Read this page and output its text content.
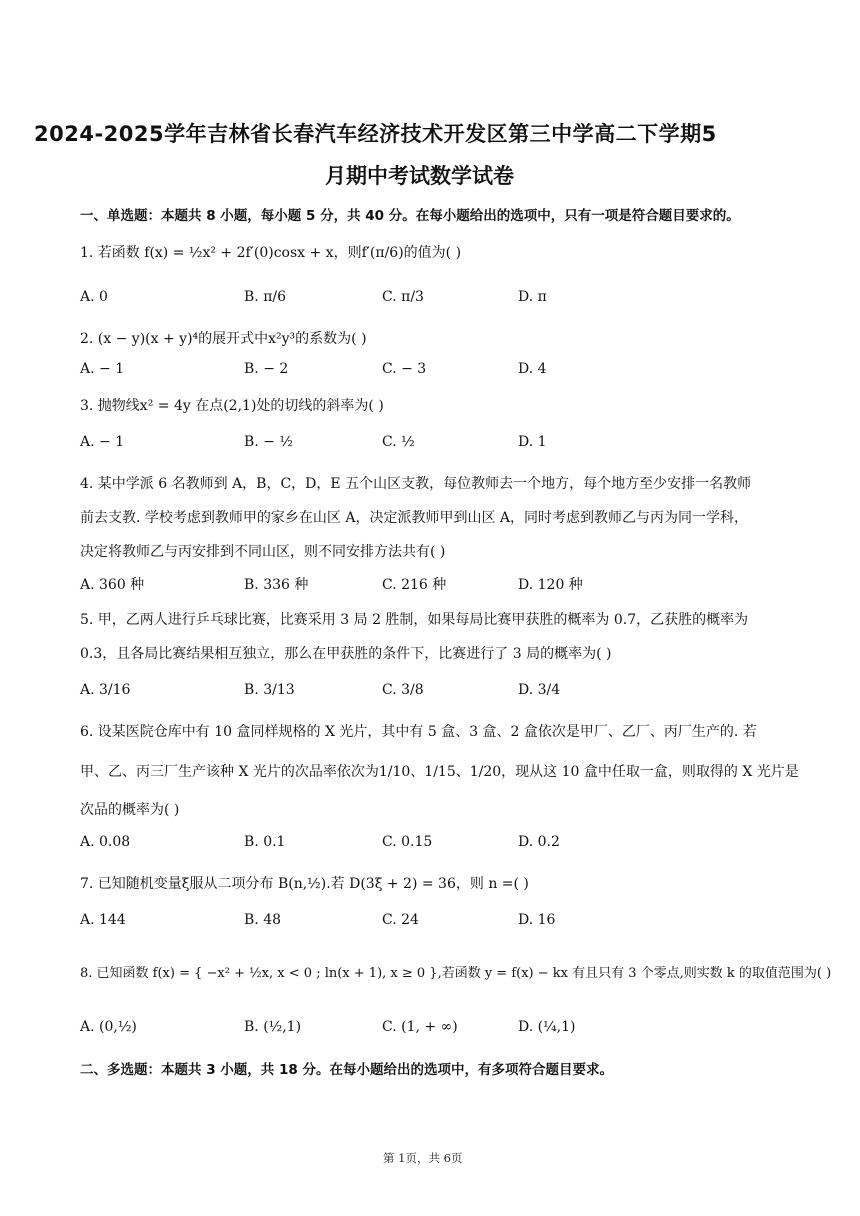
2024-2025学年吉林省长春汽车经济技术开发区第三中学高二下学期5
月期中考试数学试卷
一、单选题：本题共 8 小题，每小题 5 分，共 40 分。在每小题给出的选项中，只有一项是符合题目要求的。
1. 若函数 f(x) = ½x² + 2f′(0)cosx + x，则f′(π/6)的值为( )
A. 0	B. π/6	C. π/3	D. π
2. (x − y)(x + y)⁴的展开式中x²y³的系数为( )
A. − 1	B. − 2	C. − 3	D. 4
3. 抛物线x² = 4y 在点(2,1)处的切线的斜率为( )
A. − 1	B. − ½	C. ½	D. 1
4. 某中学派 6 名教师到 A，B，C，D，E 五个山区支教，每位教师去一个地方，每个地方至少安排一名教师
前去支教. 学校考虑到教师甲的家乡在山区 A，决定派教师甲到山区 A，同时考虑到教师乙与丙为同一学科，
决定将教师乙与丙安排到不同山区，则不同安排方法共有( )
A. 360 种	B. 336 种	C. 216 种	D. 120 种
5. 甲，乙两人进行乒乓球比赛，比赛采用 3 局 2 胜制，如果每局比赛甲获胜的概率为 0.7，乙获胜的概率为
0.3，且各局比赛结果相互独立，那么在甲获胜的条件下，比赛进行了 3 局的概率为( )
A. 3/16	B. 3/13	C. 3/8	D. 3/4
6. 设某医院仓库中有 10 盒同样规格的 X 光片，其中有 5 盒、3 盒、2 盒依次是甲厂、乙厂、丙厂生产的. 若
甲、乙、丙三厂生产该种 X 光片的次品率依次为1/10、1/15、1/20，现从这 10 盒中任取一盒，则取得的 X 光片是
次品的概率为( )
A. 0.08	B. 0.1	C. 0.15	D. 0.2
7. 已知随机变量ξ服从二项分布 B(n,½).若 D(3ξ + 2) = 36，则 n =( )
A. 144	B. 48	C. 24	D. 16
8. 已知函数 f(x) = { −x² + ½x, x < 0 ; ln(x + 1), x ≥ 0 },若函数 y = f(x) − kx 有且只有 3 个零点,则实数 k 的取值范围为( )
A. (0,½)	B. (½,1)	C. (1, + ∞)	D. (¼,1)
二、多选题：本题共 3 小题，共 18 分。在每小题给出的选项中，有多项符合题目要求。
第 1页，共 6页
